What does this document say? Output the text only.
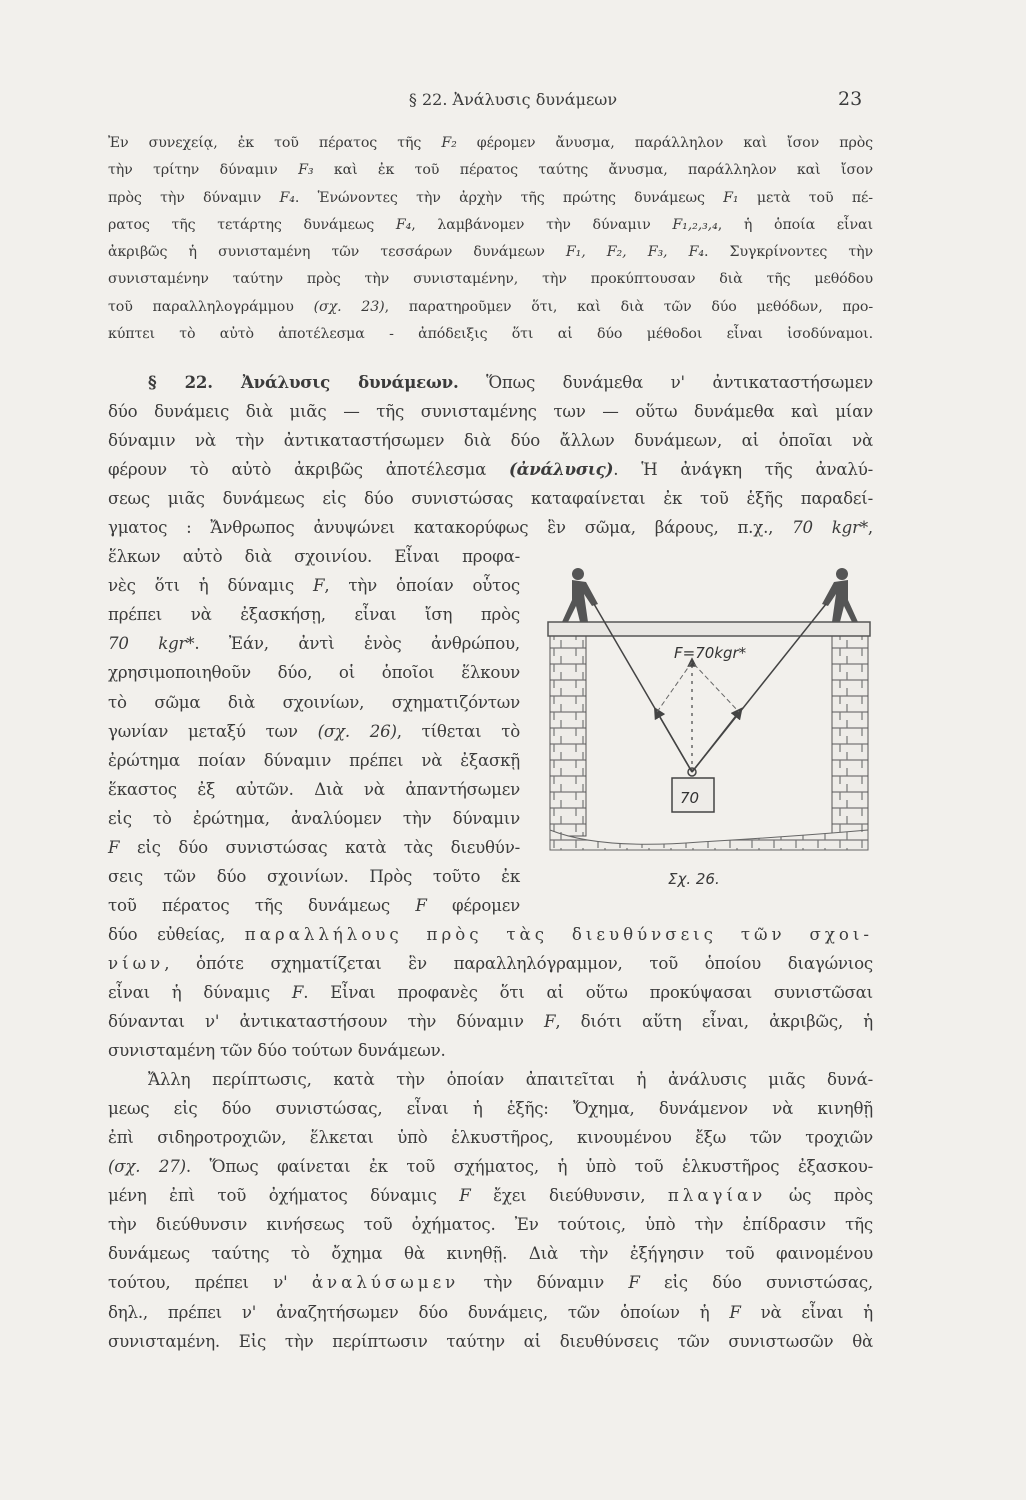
§ 22. Ἀνάλυσις δυνάμεων	23
Ἐν συνεχείᾳ, ἐκ τοῦ πέρατος τῆς F₂ φέρομεν ἄνυσμα, παράλληλον καὶ ἴσον πρὸς
τὴν τρίτην δύναμιν F₃ καὶ ἐκ τοῦ πέρατος ταύτης ἄνυσμα, παράλληλον καὶ ἴσον
πρὸς τὴν δύναμιν F₄. Ἑνώνοντες τὴν ἀρχὴν τῆς πρώτης δυνάμεως F₁ μετὰ τοῦ πέ-
ρατος τῆς τετάρτης δυνάμεως F₄, λαμβάνομεν τὴν δύναμιν F₁,₂,₃,₄, ἡ ὁποία εἶναι
ἀκριβῶς ἡ συνισταμένη τῶν τεσσάρων δυνάμεων F₁, F₂, F₃, F₄. Συγκρίνοντες τὴν
συνισταμένην ταύτην πρὸς τὴν συνισταμένην, τὴν προκύπτουσαν διὰ τῆς μεθόδου
τοῦ παραλληλογράμμου (σχ. 23), παρατηροῦμεν ὅτι, καὶ διὰ τῶν δύο μεθόδων, προ-
κύπτει τὸ αὐτὸ ἀποτέλεσμα - ἀπόδειξις ὅτι αἱ δύο μέθοδοι εἶναι ἰσοδύναμοι.
§ 22. Ἀνάλυσις δυνάμεων. Ὅπως δυνάμεθα ν' ἀντικαταστήσωμεν
δύο δυνάμεις διὰ μιᾶς — τῆς συνισταμένης των — οὕτω δυνάμεθα καὶ μίαν
δύναμιν νὰ τὴν ἀντικαταστήσωμεν διὰ δύο ἄλλων δυνάμεων, αἱ ὁποῖαι νὰ
φέρουν τὸ αὐτὸ ἀκριβῶς ἀποτέλεσμα (ἀνάλυσις). Ἡ ἀνάγκη τῆς ἀναλύ-
σεως μιᾶς δυνάμεως εἰς δύο συνιστώσας καταφαίνεται ἐκ τοῦ ἑξῆς παραδεί-
γματος : Ἄνθρωπος ἀνυψώνει κατακορύφως ἓν σῶμα, βάρους, π.χ., 70 kgr*,
ἕλκων αὐτὸ διὰ σχοινίου. Εἶναι προφα-
νὲς ὅτι ἡ δύναμις F, τὴν ὁποίαν οὗτος
πρέπει νὰ ἐξασκήσῃ, εἶναι ἴση πρὸς
70 kgr*. Ἐάν, ἀντὶ ἑνὸς ἀνθρώπου,
χρησιμοποιηθοῦν δύο, οἱ ὁποῖοι ἕλκουν
τὸ σῶμα διὰ σχοινίων, σχηματιζόντων
γωνίαν μεταξύ των (σχ. 26), τίθεται τὸ
ἐρώτημα ποίαν δύναμιν πρέπει νὰ ἐξασκῇ
ἕκαστος ἐξ αὐτῶν. Διὰ νὰ ἀπαντήσωμεν
εἰς τὸ ἐρώτημα, ἀναλύομεν τὴν δύναμιν
F εἰς δύο συνιστώσας κατὰ τὰς διευθύν-
σεις τῶν δύο σχοινίων. Πρὸς τοῦτο ἐκ
τοῦ πέρατος τῆς δυνάμεως F φέρομεν
δύο εὐθείας, παραλλήλους πρὸς τὰς διευθύνσεις τῶν σχοι-
νίων, ὁπότε σχηματίζεται ἓν παραλληλόγραμμον, τοῦ ὁποίου διαγώνιος
εἶναι ἡ δύναμις F. Εἶναι προφανὲς ὅτι αἱ οὕτω προκύψασαι συνιστῶσαι
δύνανται ν' ἀντικαταστήσουν τὴν δύναμιν F, διότι αὕτη εἶναι, ἀκριβῶς, ἡ
συνισταμένη τῶν δύο τούτων δυνάμεων.
Ἄλλη περίπτωσις, κατὰ τὴν ὁποίαν ἀπαιτεῖται ἡ ἀνάλυσις μιᾶς δυνά-
μεως εἰς δύο συνιστώσας, εἶναι ἡ ἑξῆς: Ὄχημα, δυνάμενον νὰ κινηθῇ
ἐπὶ σιδηροτροχιῶν, ἕλκεται ὑπὸ ἑλκυστῆρος, κινουμένου ἔξω τῶν τροχιῶν
(σχ. 27). Ὅπως φαίνεται ἐκ τοῦ σχήματος, ἡ ὑπὸ τοῦ ἑλκυστῆρος ἐξασκου-
μένη ἐπὶ τοῦ ὀχήματος δύναμις F ἔχει διεύθυνσιν, πλαγίαν ὡς πρὸς
τὴν διεύθυνσιν κινήσεως τοῦ ὀχήματος. Ἐν τούτοις, ὑπὸ τὴν ἐπίδρασιν τῆς
δυνάμεως ταύτης τὸ ὄχημα θὰ κινηθῇ. Διὰ τὴν ἐξήγησιν τοῦ φαινομένου
τούτου, πρέπει ν' ἀναλύσωμεν τὴν δύναμιν F εἰς δύο συνιστώσας,
δηλ., πρέπει ν' ἀναζητήσωμεν δύο δυνάμεις, τῶν ὁποίων ἡ F νὰ εἶναι ἡ
συνισταμένη. Εἰς τὴν περίπτωσιν ταύτην αἱ διευθύνσεις τῶν συνιστωσῶν θὰ
70
F=70kgr*
Σχ. 26.
